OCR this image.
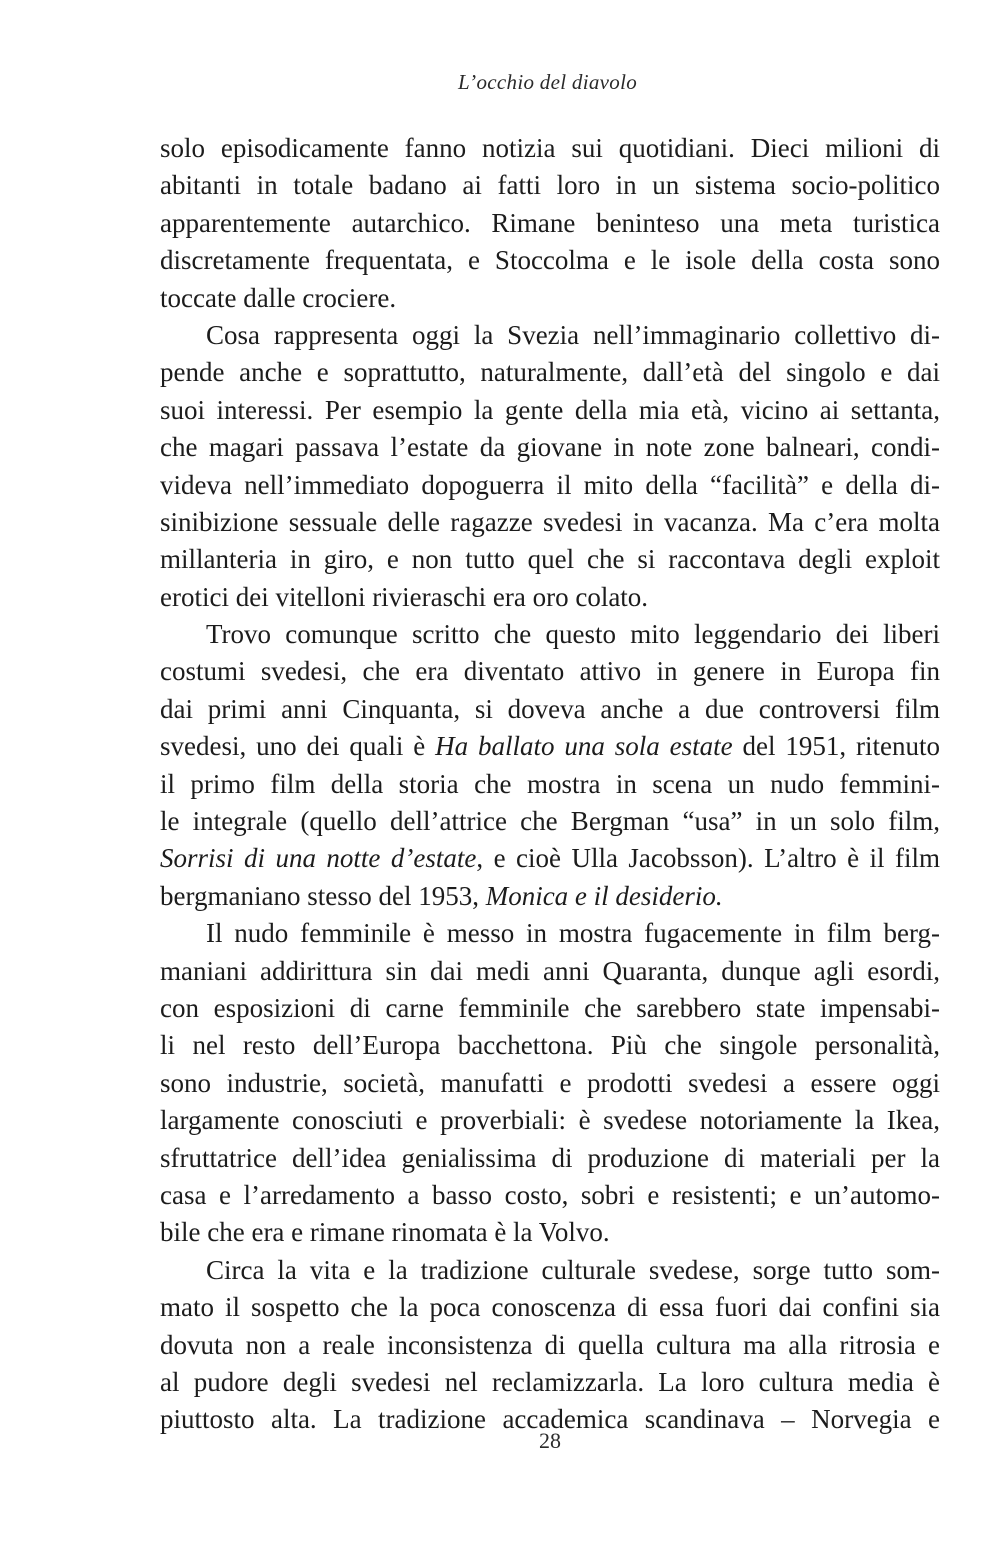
L’occhio del diavolo
solo episodicamente fanno notizia sui quotidiani. Dieci milioni di
abitanti in totale badano ai fatti loro in un sistema socio-politico
apparentemente autarchico. Rimane beninteso una meta turistica
discretamente frequentata, e Stoccolma e le isole della costa sono
toccate dalle crociere.
Cosa rappresenta oggi la Svezia nell’immaginario collettivo di-
pende anche e soprattutto, naturalmente, dall’età del singolo e dai
suoi interessi. Per esempio la gente della mia età, vicino ai settanta,
che magari passava l’estate da giovane in note zone balneari, condi-
videva nell’immediato dopoguerra il mito della “facilità” e della di-
sinibizione sessuale delle ragazze svedesi in vacanza. Ma c’era molta
millanteria in giro, e non tutto quel che si raccontava degli exploit
erotici dei vitelloni rivieraschi era oro colato.
Trovo comunque scritto che questo mito leggendario dei liberi
costumi svedesi, che era diventato attivo in genere in Europa fin
dai primi anni Cinquanta, si doveva anche a due controversi film
svedesi, uno dei quali è Ha ballato una sola estate del 1951, ritenuto
il primo film della storia che mostra in scena un nudo femmini-
le integrale (quello dell’attrice che Bergman “usa” in un solo film,
Sorrisi di una notte d’estate, e cioè Ulla Jacobsson). L’altro è il film
bergmaniano stesso del 1953, Monica e il desiderio.
Il nudo femminile è messo in mostra fugacemente in film berg-
maniani addirittura sin dai medi anni Quaranta, dunque agli esordi,
con esposizioni di carne femminile che sarebbero state impensabi-
li nel resto dell’Europa bacchettona. Più che singole personalità,
sono industrie, società, manufatti e prodotti svedesi a essere oggi
largamente conosciuti e proverbiali: è svedese notoriamente la Ikea,
sfruttatrice dell’idea genialissima di produzione di materiali per la
casa e l’arredamento a basso costo, sobri e resistenti; e un’automo-
bile che era e rimane rinomata è la Volvo.
Circa la vita e la tradizione culturale svedese, sorge tutto som-
mato il sospetto che la poca conoscenza di essa fuori dai confini sia
dovuta non a reale inconsistenza di quella cultura ma alla ritrosia e
al pudore degli svedesi nel reclamizzarla. La loro cultura media è
piuttosto alta. La tradizione accademica scandinava – Norvegia e
28
